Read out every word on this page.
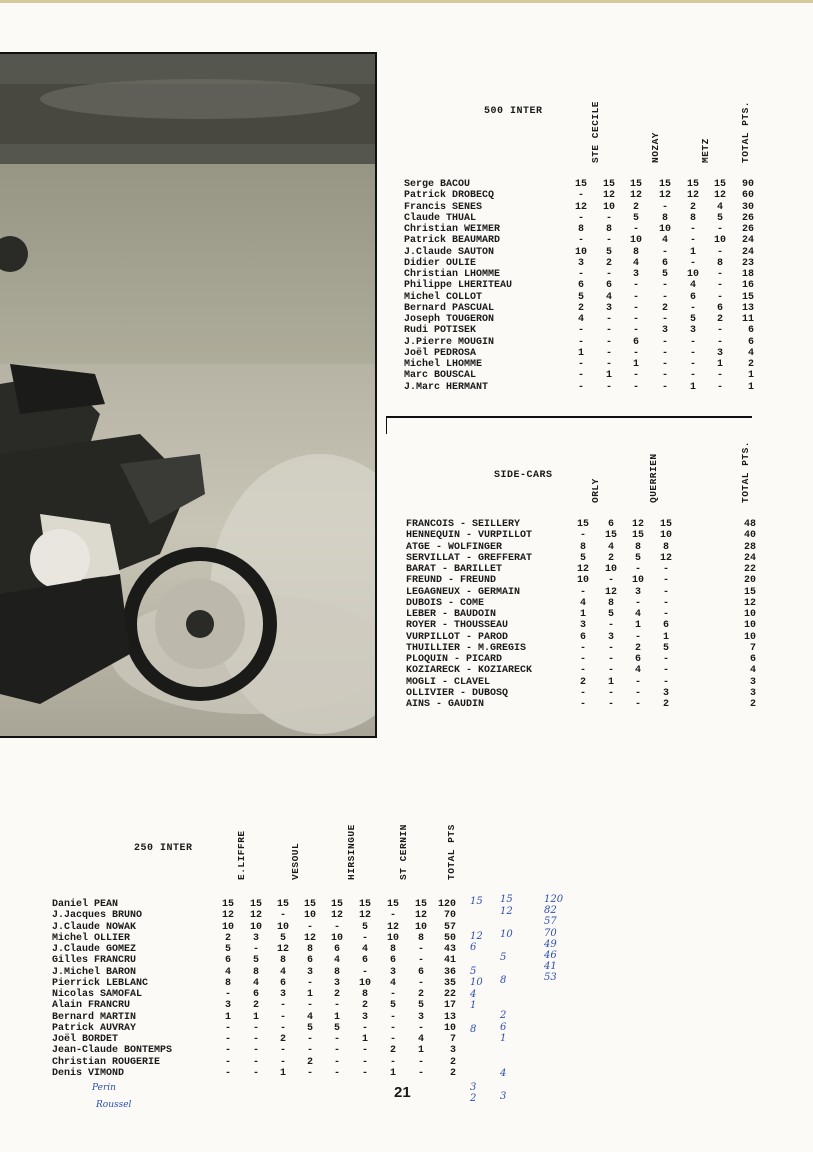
500 INTER	STE CECILE	NOZAY	METZ	TOTAL PTS.
Serge BACOU	15	15	15	15	15	15	90
Patrick DROBECQ	-	12	12	12	12	12	60
Francis SENES	12	10	2	-	2	4	30
Claude THUAL	-	-	5	8	8	5	26
Christian WEIMER	8	8	-	10	-	-	26
Patrick BEAUMARD	-	-	10	4	-	10	24
J.Claude SAUTON	10	5	8	-	1	-	24
Didier OULIE	3	2	4	6	-	8	23
Christian LHOMME	-	-	3	5	10	-	18
Philippe LHERITEAU	6	6	-	-	4	-	16
Michel COLLOT	5	4	-	-	6	-	15
Bernard PASCUAL	2	3	-	2	-	6	13
Joseph TOUGERON	4	-	-	-	5	2	11
Rudi POTISEK	-	-	-	3	3	-	6
J.Pierre MOUGIN	-	-	6	-	-	-	6
Joël PEDROSA	1	-	-	-	-	3	4
Michel LHOMME	-	-	1	-	-	1	2
Marc BOUSCAL	-	1	-	-	-	-	1
J.Marc HERMANT	-	-	-	-	1	-	1
SIDE-CARS
ORLY	QUERRIEN	TOTAL PTS.
FRANCOIS - SEILLERY	15	6	12	15	48
HENNEQUIN - VURPILLOT	-	15	15	10	40
ATGE - WOLFINGER	8	4	8	8	28
SERVILLAT - GREFFERAT	5	2	5	12	24
BARAT - BARILLET	12	10	-	-	22
FREUND - FREUND	10	-	10	-	20
LEGAGNEUX - GERMAIN	-	12	3	-	15
DUBOIS - COME	4	8	-	-	12
LEBER - BAUDOIN	1	5	4	-	10
ROYER - THOUSSEAU	3	-	1	6	10
VURPILLOT - PAROD	6	3	-	1	10
THUILLIER - M.GREGIS	-	-	2	5	7
PLOQUIN - PICARD	-	-	6	-	6
KOZIARECK - KOZIARECK	-	-	4	-	4
MOGLI - CLAVEL	2	1	-	-	3
OLLIVIER - DUBOSQ	-	-	-	3	3
AINS - GAUDIN	-	-	-	2	2
250 INTER	E.LIFFRE	VESOUL	HIRSINGUE	ST CERNIN	TOTAL PTS
Daniel PEAN	15	15	15	15	15	15	15	15	120
J.Jacques BRUNO	12	12	-	10	12	12	-	12	70
J.Claude NOWAK	10	10	10	-	-	5	12	10	57
Michel OLLIER	2	3	5	12	10	-	10	8	50
J.Claude GOMEZ	5	-	12	8	6	4	8	-	43
Gilles FRANCRU	6	5	8	6	4	6	6	-	41
J.Michel BARON	4	8	4	3	8	-	3	6	36
Pierrick LEBLANC	8	4	6	-	3	10	4	-	35
Nicolas SAMOFAL	-	6	3	1	2	8	-	2	22
Alain FRANCRU	3	2	-	-	-	2	5	5	17
Bernard MARTIN	1	1	-	4	1	3	-	3	13
Patrick AUVRAY	-	-	-	5	5	-	-	-	10
Joël BORDET	-	-	2	-	-	1	-	4	7
Jean-Claude BONTEMPS	-	-	-	-	-	-	2	1	3
Christian ROUGERIE	-	-	-	2	-	-	-	-	2
Denis VIMOND	-	-	1	-	-	-	1	-	2
15
12
6
5
10
4
1
8
3
2
15
12
10
5
8
2
6
1
4
3
120
82
57
70
49
46
41
53
Perin
Roussel
21
